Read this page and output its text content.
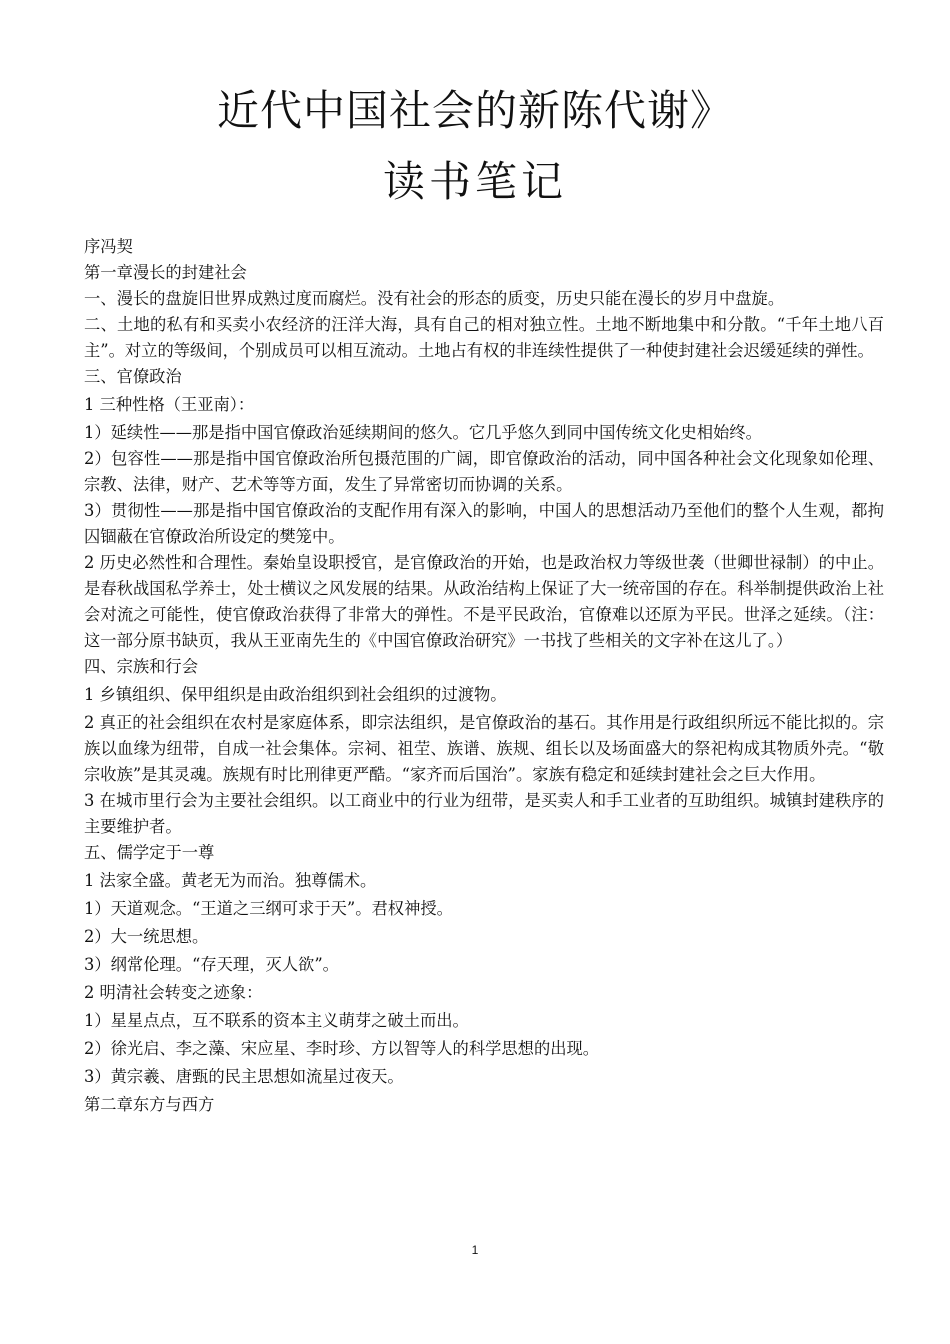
近代中国社会的新陈代谢》
读书笔记

序冯契

第一章漫长的封建社会

一、漫长的盘旋旧世界成熟过度而腐烂。没有社会的形态的质变，历史只能在漫长的岁月中盘旋。

二、土地的私有和买卖小农经济的汪洋大海，具有自己的相对独立性。土地不断地集中和分散。“千年土地八百主”。对立的等级间，个别成员可以相互流动。土地占有权的非连续性提供了一种使封建社会迟缓延续的弹性。

三、官僚政治

1 三种性格（王亚南）：

1）延续性——那是指中国官僚政治延续期间的悠久。它几乎悠久到同中国传统文化史相始终。

2）包容性——那是指中国官僚政治所包摄范围的广阔，即官僚政治的活动，同中国各种社会文化现象如伦理、宗教、法律，财产、艺术等等方面，发生了异常密切而协调的关系。

3）贯彻性——那是指中国官僚政治的支配作用有深入的影响，中国人的思想活动乃至他们的整个人生观，都拘囚锢蔽在官僚政治所设定的樊笼中。

2 历史必然性和合理性。秦始皇设职授官，是官僚政治的开始，也是政治权力等级世袭（世卿世禄制）的中止。是春秋战国私学养士，处士横议之风发展的结果。从政治结构上保证了大一统帝国的存在。科举制提供政治上社会对流之可能性，使官僚政治获得了非常大的弹性。不是平民政治，官僚难以还原为平民。世泽之延续。（注：这一部分原书缺页，我从王亚南先生的《中国官僚政治研究》一书找了些相关的文字补在这儿了。）

四、宗族和行会

1 乡镇组织、保甲组织是由政治组织到社会组织的过渡物。

2 真正的社会组织在农村是家庭体系，即宗法组织，是官僚政治的基石。其作用是行政组织所远不能比拟的。宗族以血缘为纽带，自成一社会集体。宗祠、祖茔、族谱、族规、组长以及场面盛大的祭祀构成其物质外壳。“敬宗收族”是其灵魂。族规有时比刑律更严酷。“家齐而后国治”。家族有稳定和延续封建社会之巨大作用。

3 在城市里行会为主要社会组织。以工商业中的行业为纽带，是买卖人和手工业者的互助组织。城镇封建秩序的主要维护者。

五、儒学定于一尊

1 法家全盛。黄老无为而治。独尊儒术。

1）天道观念。“王道之三纲可求于天”。君权神授。

2）大一统思想。

3）纲常伦理。“存天理，灭人欲”。

2 明清社会转变之迹象：

1）星星点点，互不联系的资本主义萌芽之破土而出。

2）徐光启、李之藻、宋应星、李时珍、方以智等人的科学思想的出现。

3）黄宗羲、唐甄的民主思想如流星过夜天。

第二章东方与西方

1
